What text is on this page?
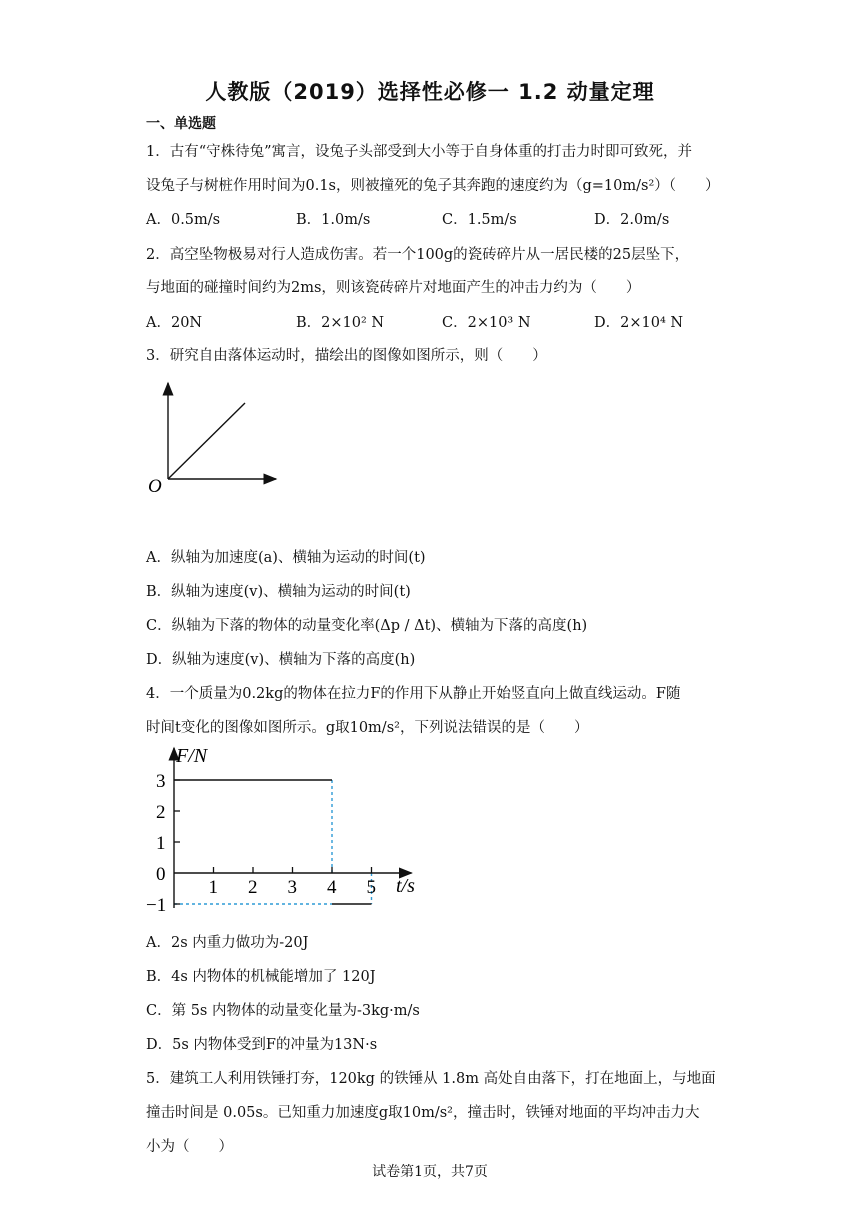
人教版（2019）选择性必修一 1.2 动量定理
一、单选题
1．古有“守株待兔”寓言，设兔子头部受到大小等于自身体重的打击力时即可致死，并
设兔子与树桩作用时间为0.1s，则被撞死的兔子其奔跑的速度约为（g=10m/s²）（　　）
A．0.5m/s	B．1.0m/s	C．1.5m/s	D．2.0m/s
2．高空坠物极易对行人造成伤害。若一个100g的瓷砖碎片从一居民楼的25层坠下，
与地面的碰撞时间约为2ms，则该瓷砖碎片对地面产生的冲击力约为（　　）
A．20N	B．2×10² N	C．2×10³ N	D．2×10⁴ N
3．研究自由落体运动时，描绘出的图像如图所示，则（　　）
O
A．纵轴为加速度(a)、横轴为运动的时间(t)
B．纵轴为速度(v)、横轴为运动的时间(t)
C．纵轴为下落的物体的动量变化率(Δp / Δt)、横轴为下落的高度(h)
D．纵轴为速度(v)、横轴为下落的高度(h)
4．一个质量为0.2kg的物体在拉力F的作用下从静止开始竖直向上做直线运动。F随
时间t变化的图像如图所示。g取10m/s²，下列说法错误的是（　　）
1 2 3 4 5
3
2
1
0
−1
F/N
t/s
A．2s 内重力做功为-20J
B．4s 内物体的机械能增加了 120J
C．第 5s 内物体的动量变化量为-3kg·m/s
D．5s 内物体受到F的冲量为13N·s
5．建筑工人利用铁锤打夯，120kg 的铁锤从 1.8m 高处自由落下，打在地面上，与地面
撞击时间是 0.05s。已知重力加速度g取10m/s²，撞击时，铁锤对地面的平均冲击力大
小为（　　）
试卷第1页，共7页
